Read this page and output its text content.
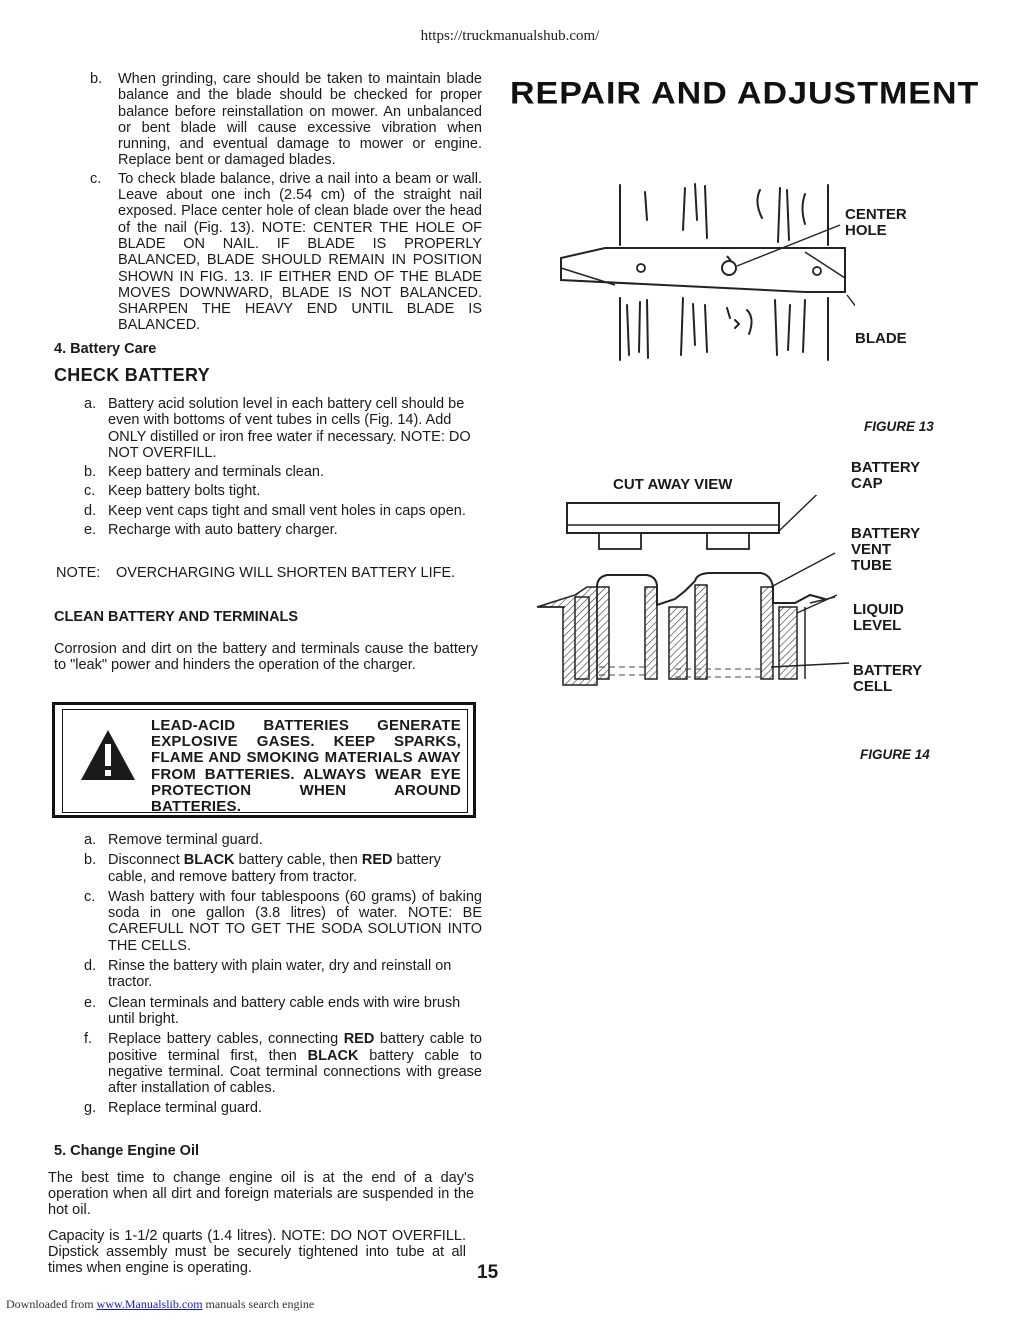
https://truckmanualshub.com/
REPAIR AND ADJUSTMENT

b. When grinding, care should be taken to maintain blade balance and the blade should be checked for proper balance before reinstallation on mower. An unbalanced or bent blade will cause excessive vibration when running, and eventual damage to mower or engine. Replace bent or damaged blades.

c. To check blade balance, drive a nail into a beam or wall. Leave about one inch (2.54 cm) of the straight nail exposed. Place center hole of clean blade over the head of the nail (Fig. 13). NOTE: CENTER THE HOLE OF BLADE ON NAIL. IF BLADE IS PROPERLY BALANCED, BLADE SHOULD REMAIN IN POSITION SHOWN IN FIG. 13. IF EITHER END OF THE BLADE MOVES DOWNWARD, BLADE IS NOT BALANCED. SHARPEN THE HEAVY END UNTIL BLADE IS BALANCED.

4. Battery Care
CHECK BATTERY

a. Battery acid solution level in each battery cell should be even with bottoms of vent tubes in cells (Fig. 14). Add ONLY distilled or iron free water if necessary. NOTE: DO NOT OVERFILL.

b. Keep battery and terminals clean.

c. Keep battery bolts tight.

d. Keep vent caps tight and small vent holes in caps open.

e. Recharge with auto battery charger.

NOTE: OVERCHARGING WILL SHORTEN BATTERY LIFE.
CLEAN BATTERY AND TERMINALS
Corrosion and dirt on the battery and terminals cause the battery to "leak" power and hinders the operation of the charger.
LEAD-ACID BATTERIES GENERATE EXPLOSIVE GASES. KEEP SPARKS, FLAME AND SMOKING MATERIALS AWAY FROM BATTERIES. ALWAYS WEAR EYE PROTECTION WHEN AROUND BATTERIES.

a. Remove terminal guard.

b. Disconnect BLACK battery cable, then RED battery cable, and remove battery from tractor.

c. Wash battery with four tablespoons (60 grams) of baking soda in one gallon (3.8 litres) of water. NOTE: BE CAREFULL NOT TO GET THE SODA SOLUTION INTO THE CELLS.

d. Rinse the battery with plain water, dry and reinstall on tractor.

e. Clean terminals and battery cable ends with wire brush until bright.

f. Replace battery cables, connecting RED battery cable to positive terminal first, then BLACK battery cable to negative terminal. Coat terminal connections with grease after installation of cables.

g. Replace terminal guard.

5. Change Engine Oil
The best time to change engine oil is at the end of a day's operation when all dirt and foreign materials are suspended in the hot oil.
Capacity is 1-1/2 quarts (1.4 litres). NOTE: DO NOT OVERFILL. Dipstick assembly must be securely tightened into tube at all times when engine is operating.	15
CENTER
HOLE
BLADE
FIGURE 13
CUT AWAY VIEW
BATTERY
CAP
BATTERY
VENT
TUBE
LIQUID
LEVEL
BATTERY
CELL
FIGURE 14
Downloaded from www.Manualslib.com manuals search engine
